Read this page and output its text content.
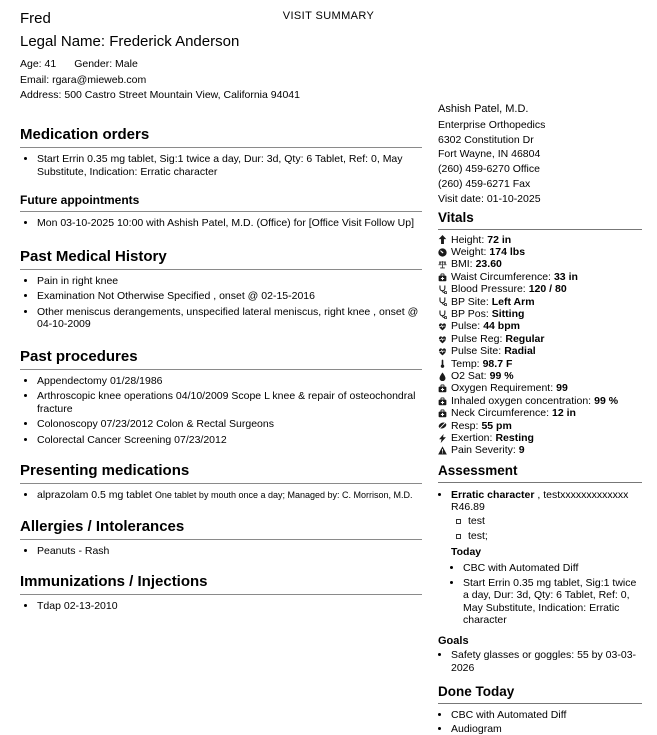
VISIT SUMMARY
Fred
Legal Name: Frederick Anderson
Age: 41 Gender: Male
Email: rgara@mieweb.com
Address: 500 Castro Street Mountain View, California 94041
Medication orders
• Start Errin 0.35 mg tablet, Sig:1 twice a day, Dur: 3d, Qty: 6 Tablet, Ref: 0, May Substitute, Indication: Erratic character
Future appointments
• Mon 03-10-2025 10:00 with Ashish Patel, M.D. (Office) for [Office Visit Follow Up]
Past Medical History
• Pain in right knee
• Examination Not Otherwise Specified , onset @ 02-15-2016
• Other meniscus derangements, unspecified lateral meniscus, right knee , onset @ 04-10-2009
Past procedures
• Appendectomy 01/28/1986
• Arthroscopic knee operations 04/10/2009 Scope L knee & repair of osteochondral fracture
• Colonoscopy 07/23/2012 Colon & Rectal Surgeons
• Colorectal Cancer Screening 07/23/2012
Presenting medications
• alprazolam 0.5 mg tablet One tablet by mouth once a day; Managed by: C. Morrison, M.D.
Allergies / Intolerances
• Peanuts - Rash
Immunizations / Injections
• Tdap 02-13-2010
Ashish Patel, M.D.
Enterprise Orthopedics
6302 Constitution Dr
Fort Wayne, IN 46804
(260) 459-6270 Office
(260) 459-6271 Fax
Visit date: 01-10-2025
Vitals
Height: 72 in
Weight: 174 lbs
BMI: 23.60
Waist Circumference: 33 in
Blood Pressure: 120 / 80
BP Site: Left Arm
BP Pos: Sitting
Pulse: 44 bpm
Pulse Reg: Regular
Pulse Site: Radial
Temp: 98.7 F
O2 Sat: 99 %
Oxygen Requirement: 99
Inhaled oxygen concentration: 99 %
Neck Circumference: 12 in
Resp: 55 pm
Exertion: Resting
Pain Severity: 9
Assessment
• Erratic character , testxxxxxxxxxxxxx R46.89
test
test;
Today
• CBC with Automated Diff
• Start Errin 0.35 mg tablet, Sig:1 twice a day, Dur: 3d, Qty: 6 Tablet, Ref: 0, May Substitute, Indication: Erratic character
Goals
• Safety glasses or goggles: 55 by 03-03-2026
Done Today
• CBC with Automated Diff
• Audiogram
